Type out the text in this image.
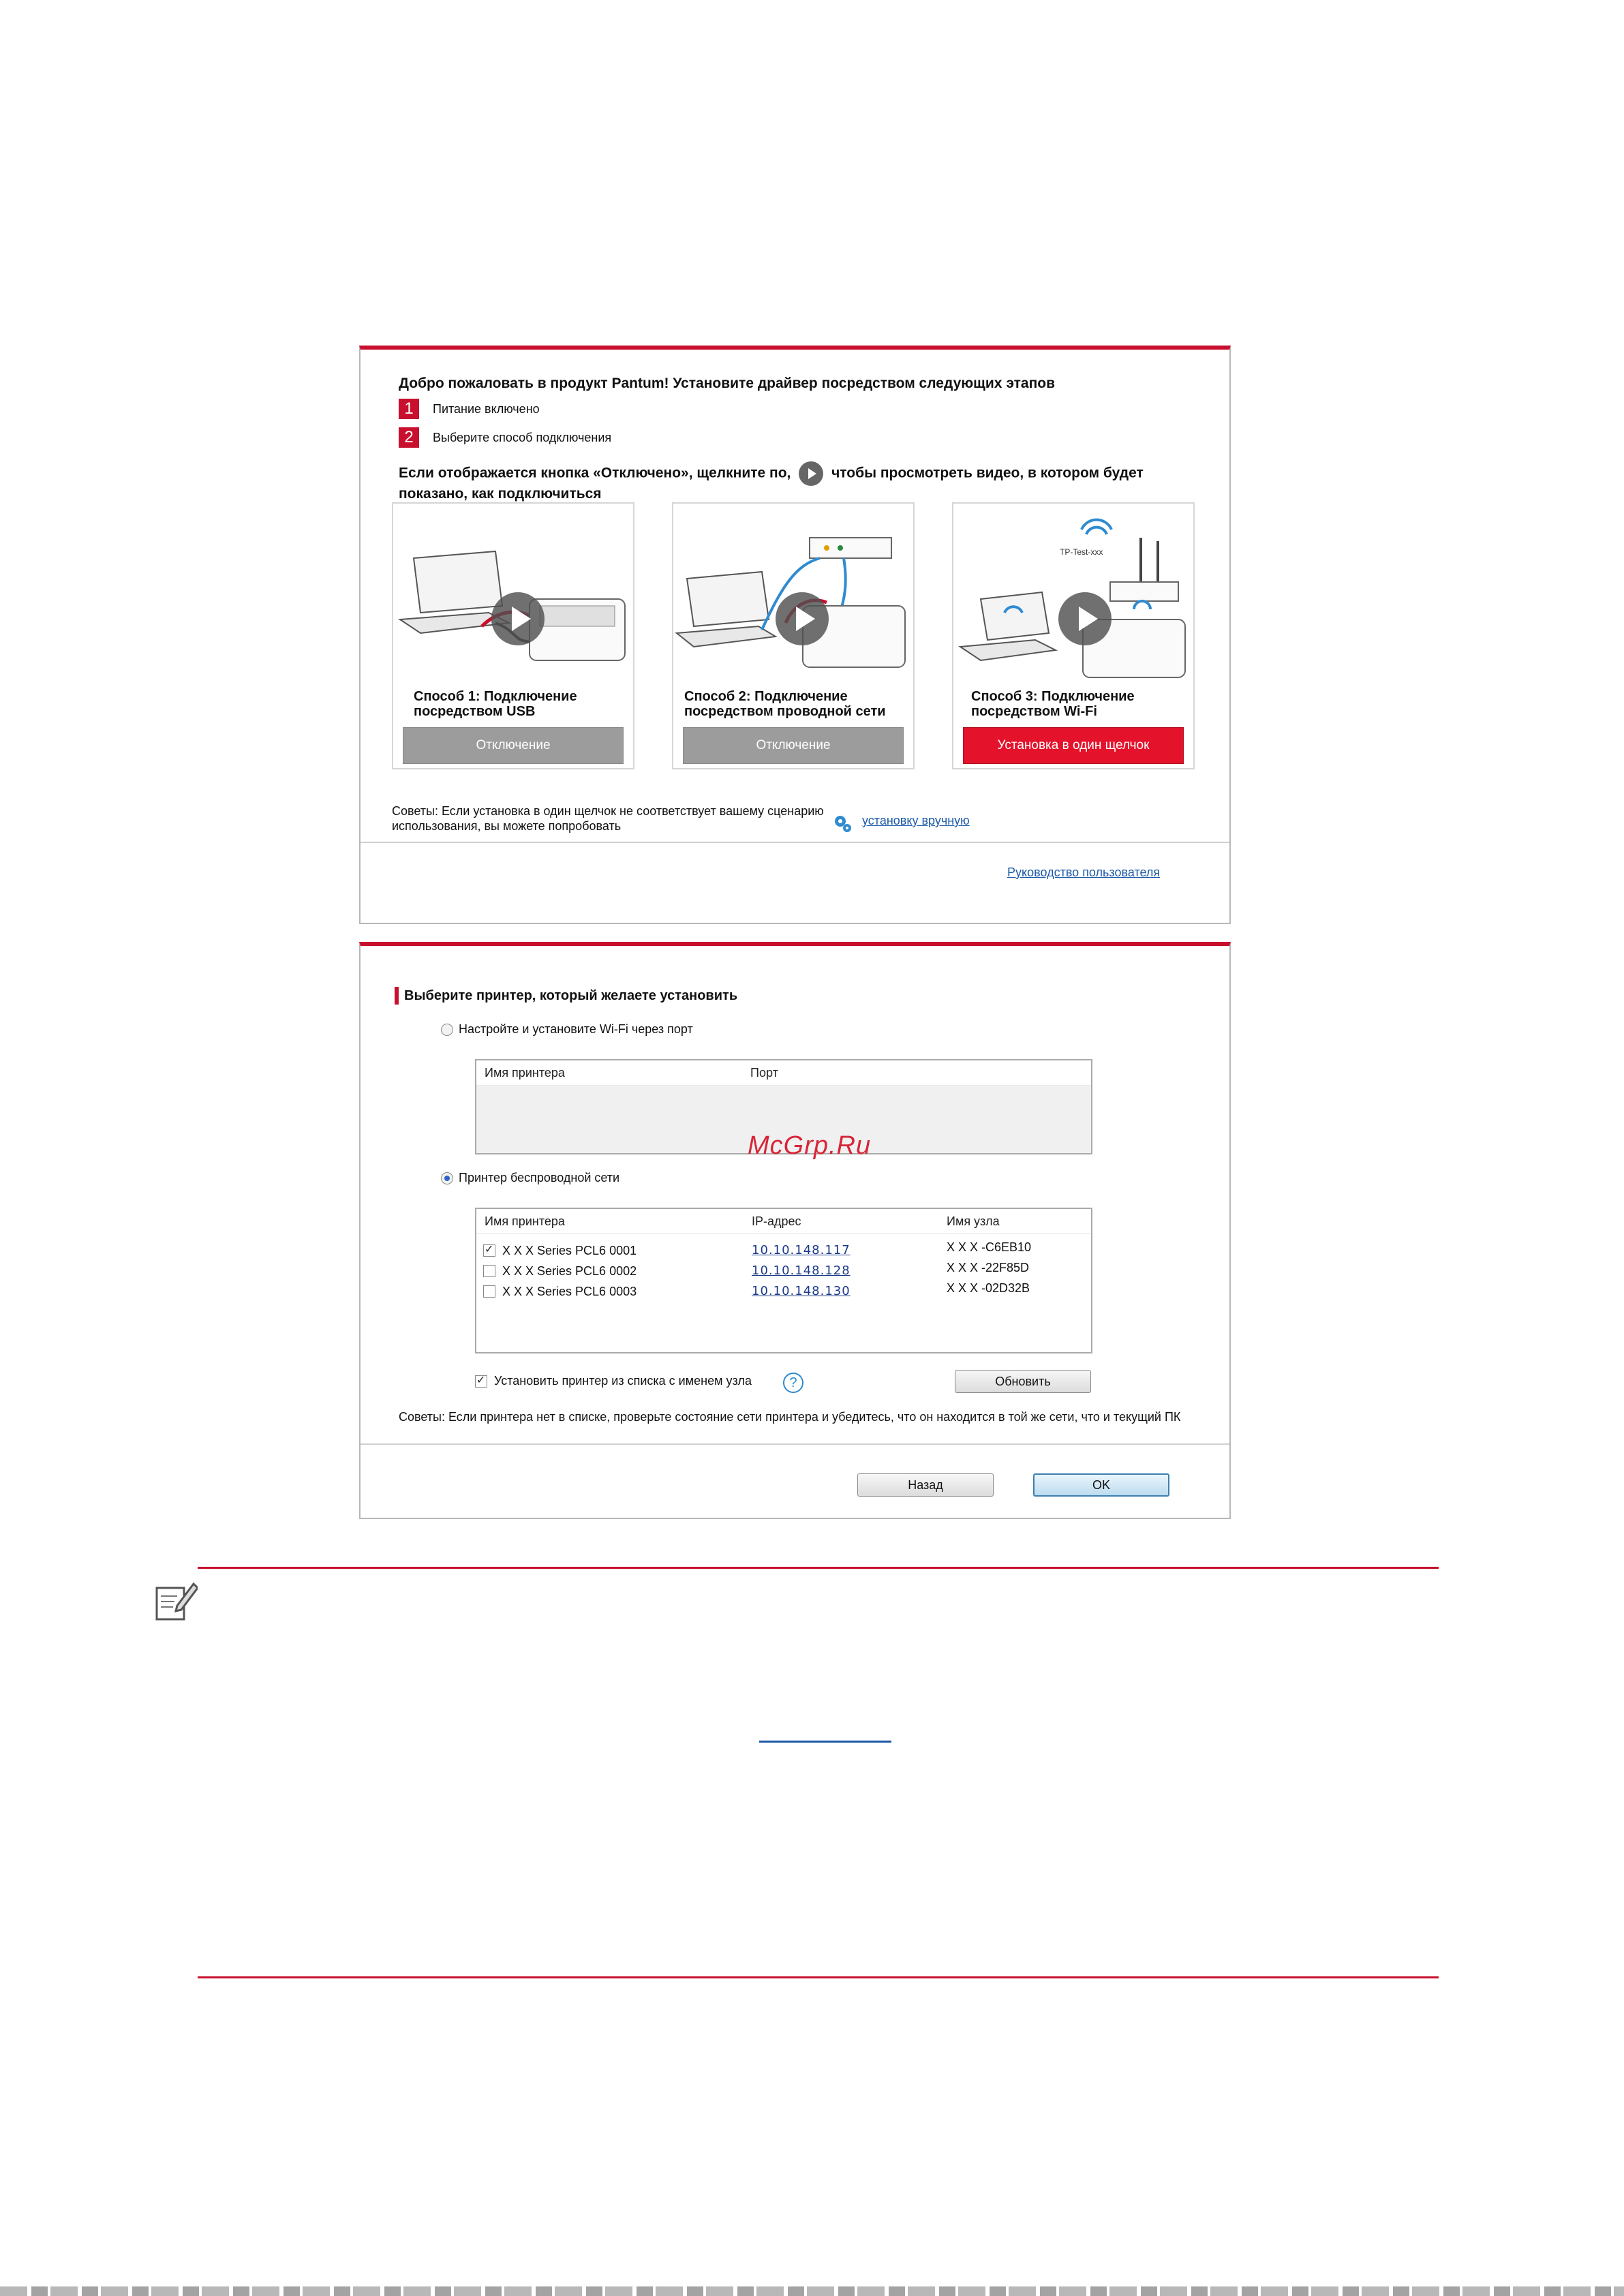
Добро пожаловать в продукт Pantum! Установите драйвер посредством следующих этапов
1	Питание включено
2	Выберите способ подключения
Если отображается кнопка «Отключено», щелкните по,	чтобы просмотреть видео, в котором будет показано, как подключиться
Способ 1: Подключение посредством USB
Отключение
Способ 2: Подключение посредством проводной сети
Отключение
TP-Test-xxx
Способ 3: Подключение посредством Wi-Fi
Установка в один щелчок
Советы: Если установка в один щелчок не соответствует вашему сценарию использования, вы можете попробовать	установку вручную
Руководство пользователя
Выберите принтер, который желаете установить
Настройте и установите Wi-Fi через порт
Имя принтера	Порт
Принтер беспроводной сети
Имя принтера	IP-адрес	Имя узла
✓
X X X Series PCL6 0001	10.10.148.117	X X X -C6EB10
X X X Series PCL6 0002	10.10.148.128	X X X -22F85D
X X X Series PCL6 0003	10.10.148.130	X X X -02D32B
✓
Установить принтер из списка с именем узла	?	Обновить
Советы: Если принтера нет в списке, проверьте состояние сети принтера и убедитесь, что он находится в той же сети, что и текущий ПК
Назад	OK
McGrp.Ru
